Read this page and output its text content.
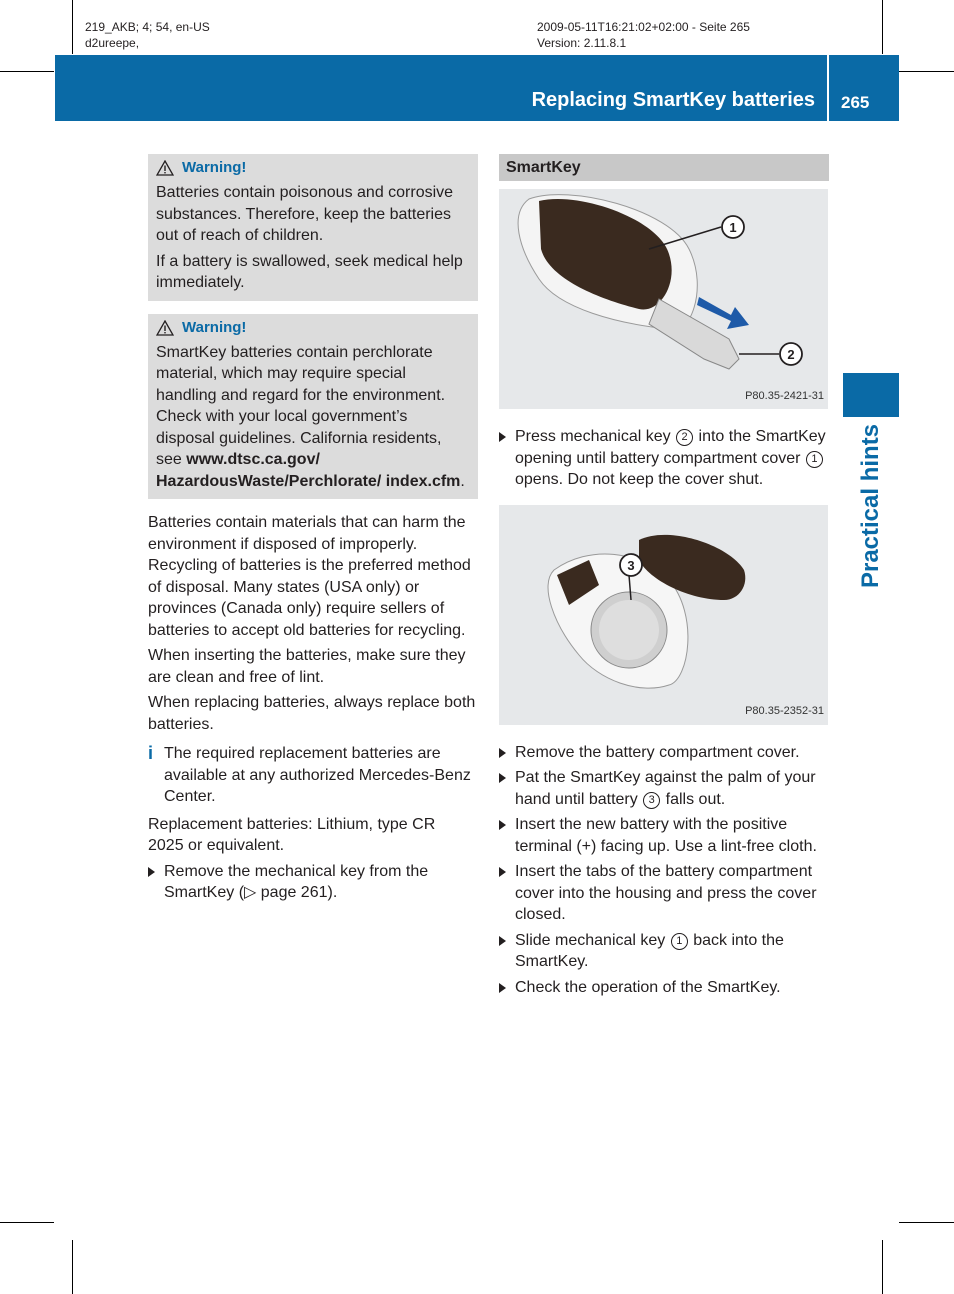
219_AKB; 4; 54, en-US
d2ureepe,
2009-05-11T16:21:02+02:00 - Seite 265
Version: 2.11.8.1
Replacing SmartKey batteries 265
Practical hints
Warning!

Batteries contain poisonous and corrosive substances. Therefore, keep the batteries out of reach of children.

If a battery is swallowed, seek medical help immediately.

Warning!

SmartKey batteries contain perchlorate material, which may require special handling and regard for the environment. Check with your local government’s disposal guidelines. California residents, see www.dtsc.ca.gov/ HazardousWaste/Perchlorate/ index.cfm.

Batteries contain materials that can harm the environment if disposed of improperly. Recycling of batteries is the preferred method of disposal. Many states (USA only) or provinces (Canada only) require sellers of batteries to accept old batteries for recycling.

When inserting the batteries, make sure they are clean and free of lint.

When replacing batteries, always replace both batteries.

i The required replacement batteries are available at any authorized Mercedes-Benz Center.

Replacement batteries: Lithium, type CR 2025 or equivalent.

Remove the mechanical key from the SmartKey (▷ page 261).
SmartKey
1
2
P80.35-2421-31
Press mechanical key 2 into the SmartKey opening until battery compartment cover 1 opens. Do not keep the cover shut.
3
P80.35-2352-31
Remove the battery compartment cover.
Pat the SmartKey against the palm of your hand until battery 3 falls out.
Insert the new battery with the positive terminal (+) facing up. Use a lint-free cloth.
Insert the tabs of the battery compartment cover into the housing and press the cover closed.
Slide mechanical key 1 back into the SmartKey.
Check the operation of the SmartKey.
